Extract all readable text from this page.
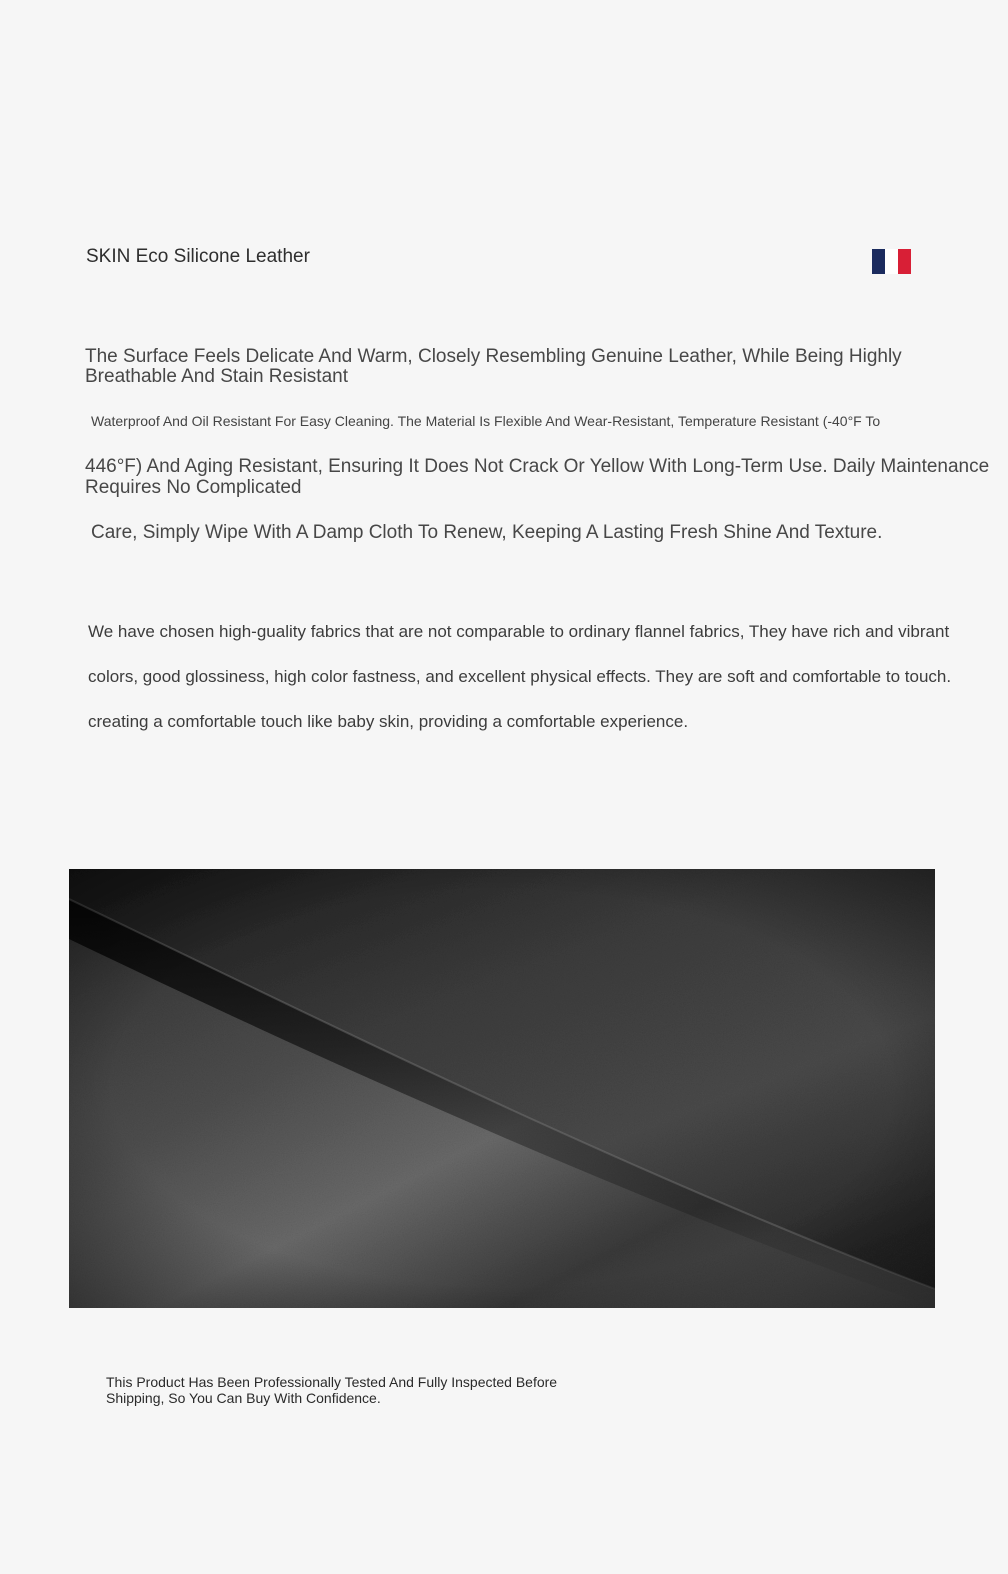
SKIN Eco Silicone Leather
The Surface Feels Delicate And Warm, Closely Resembling Genuine Leather, While Being Highly Breathable And Stain Resistant
Waterproof And Oil Resistant For Easy Cleaning. The Material Is Flexible And Wear-Resistant, Temperature Resistant (-40°F To
446°F) And Aging Resistant, Ensuring It Does Not Crack Or Yellow With Long-Term Use. Daily Maintenance Requires No Complicated
Care, Simply Wipe With A Damp Cloth To Renew, Keeping A Lasting Fresh Shine And Texture.
We have chosen high-guality fabrics that are not comparable to ordinary flannel fabrics, They have rich and vibrant
colors, good glossiness, high color fastness, and excellent physical effects. They are soft and comfortable to touch.
creating a comfortable touch like baby skin, providing a comfortable experience.
This Product Has Been Professionally Tested And Fully Inspected Before Shipping, So You Can Buy With Confidence.
